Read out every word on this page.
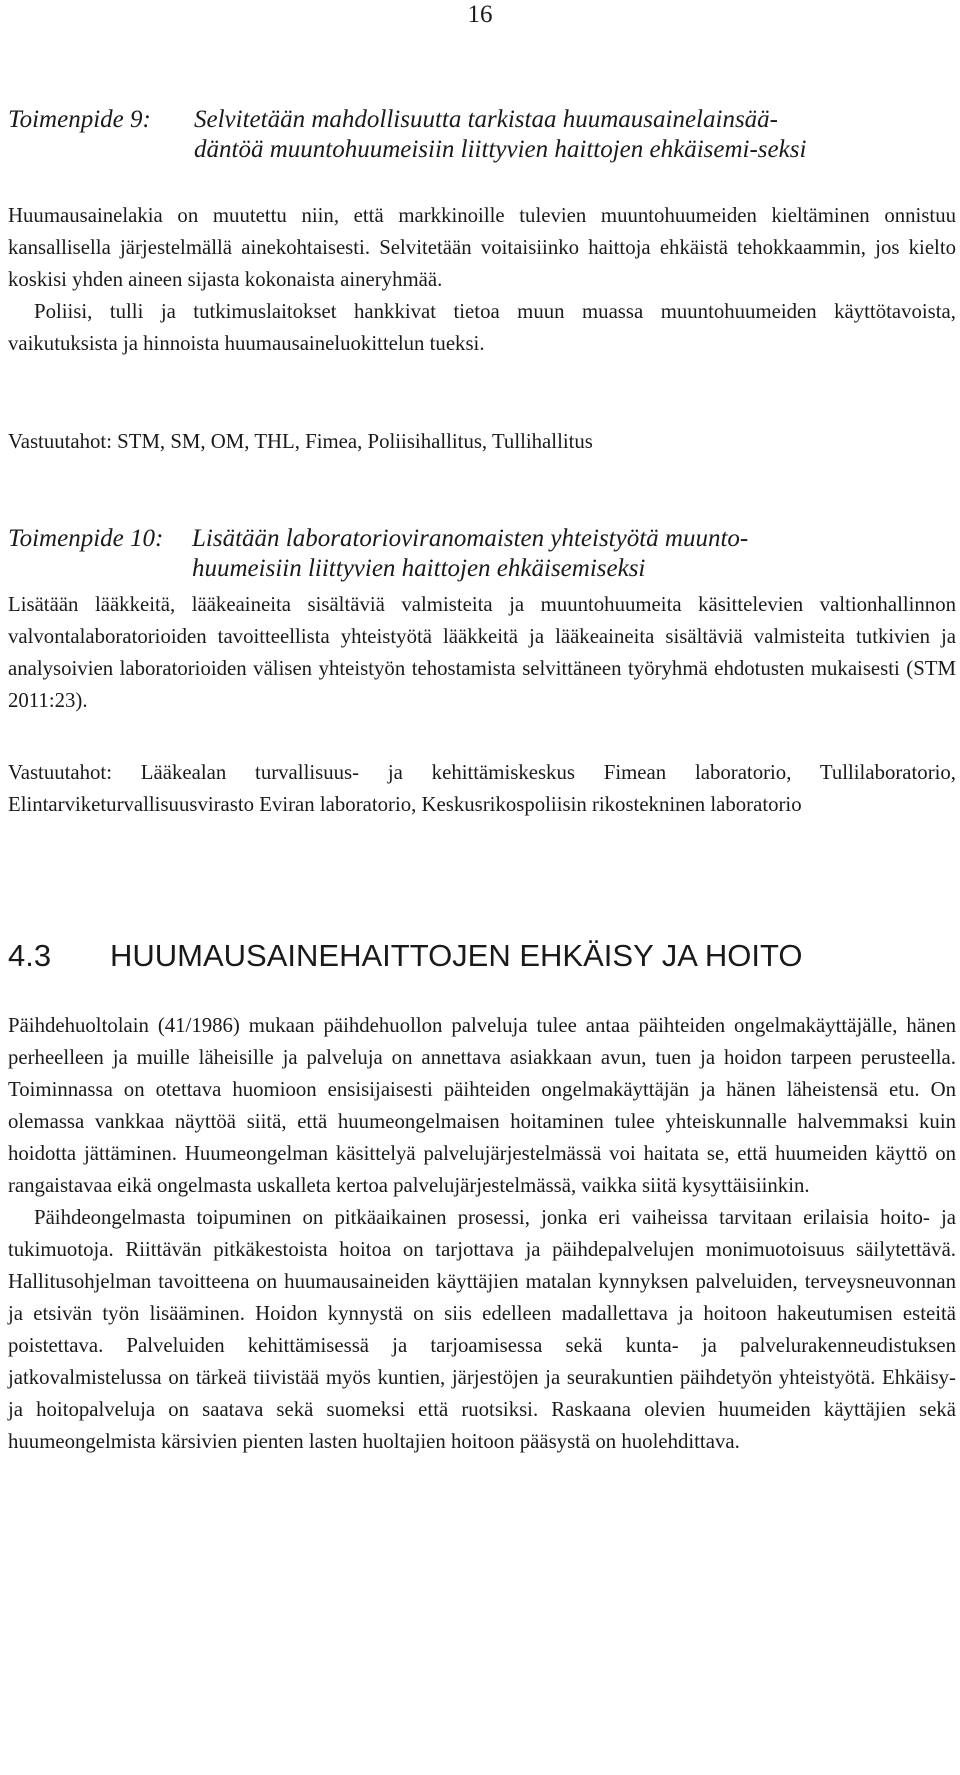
16
Toimenpide 9:	Selvitetään mahdollisuutta tarkistaa huumausainelainsää-däntöä muuntohuumeisiin liittyvien haittojen ehkäisemi-seksi

Huumausainelakia on muutettu niin, että markkinoille tulevien muuntohuumeiden kieltäminen onnistuu kansallisella järjestelmällä ainekohtaisesti. Selvitetään voitaisiinko haittoja ehkäistä tehokkaammin, jos kielto koskisi yhden aineen sijasta kokonaista aineryhmää.

Poliisi, tulli ja tutkimuslaitokset hankkivat tietoa muun muassa muuntohuumeiden käyttötavoista, vaikutuksista ja hinnoista huumausaineluokittelun tueksi.

Vastuutahot: STM, SM, OM, THL, Fimea, Poliisihallitus, Tullihallitus

Toimenpide 10:	Lisätään laboratorioviranomaisten yhteistyötä muunto-huumeisiin liittyvien haittojen ehkäisemiseksi

Lisätään lääkkeitä, lääkeaineita sisältäviä valmisteita ja muuntohuumeita käsittelevien valtionhallinnon valvontalaboratorioiden tavoitteellista yhteistyötä lääkkeitä ja lääkeaineita sisältäviä valmisteita tutkivien ja analysoivien laboratorioiden välisen yhteistyön tehostamista selvittäneen työryhmä ehdotusten mukaisesti (STM 2011:23).

Vastuutahot: Lääkealan turvallisuus- ja kehittämiskeskus Fimean laboratorio, Tullilaboratorio, Elintarviketurvallisuusvirasto Eviran laboratorio, Keskusrikospoliisin rikostekninen laboratorio

4.3	HUUMAUSAINEHAITTOJEN EHKÄISY JA HOITO

Päihdehuoltolain (41/1986) mukaan päihdehuollon palveluja tulee antaa päihteiden ongelmakäyttäjälle, hänen perheelleen ja muille läheisille ja palveluja on annettava asiakkaan avun, tuen ja hoidon tarpeen perusteella. Toiminnassa on otettava huomioon ensisijaisesti päihteiden ongelmakäyttäjän ja hänen läheistensä etu. On olemassa vankkaa näyttöä siitä, että huumeongelmaisen hoitaminen tulee yhteiskunnalle halvemmaksi kuin hoidotta jättäminen. Huumeongelman käsittelyä palvelujärjestelmässä voi haitata se, että huumeiden käyttö on rangaistavaa eikä ongelmasta uskalleta kertoa palvelujärjestelmässä, vaikka siitä kysyttäisiinkin.

Päihdeongelmasta toipuminen on pitkäaikainen prosessi, jonka eri vaiheissa tarvitaan erilaisia hoito- ja tukimuotoja. Riittävän pitkäkestoista hoitoa on tarjottava ja päihdepalvelujen monimuotoisuus säilytettävä. Hallitusohjelman tavoitteena on huumausaineiden käyttäjien matalan kynnyksen palveluiden, terveysneuvonnan ja etsivän työn lisääminen. Hoidon kynnystä on siis edelleen madallettava ja hoitoon hakeutumisen esteitä poistettava. Palveluiden kehittämisessä ja tarjoamisessa sekä kunta- ja palvelurakenneudistuksen jatkovalmistelussa on tärkeä tiivistää myös kuntien, järjestöjen ja seurakuntien päihdetyön yhteistyötä. Ehkäisy- ja hoitopalveluja on saatava sekä suomeksi että ruotsiksi. Raskaana olevien huumeiden käyttäjien sekä huumeongelmista kärsivien pienten lasten huoltajien hoitoon pääsystä on huolehdittava.
